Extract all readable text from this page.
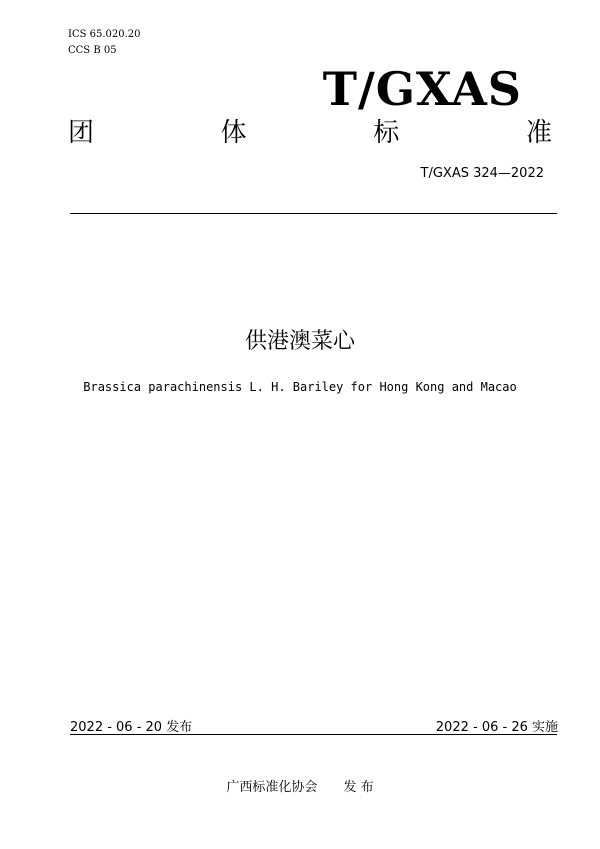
ICS 65.020.20
CCS B 05
T/GXAS
团	体	标	准
T/GXAS 324—2022
供港澳菜心
Brassica parachinensis L. H. Bariley for Hong Kong and Macao
2022 - 06 - 20 发布	2022 - 06 - 26 实施
广西标准化协会 发 布
